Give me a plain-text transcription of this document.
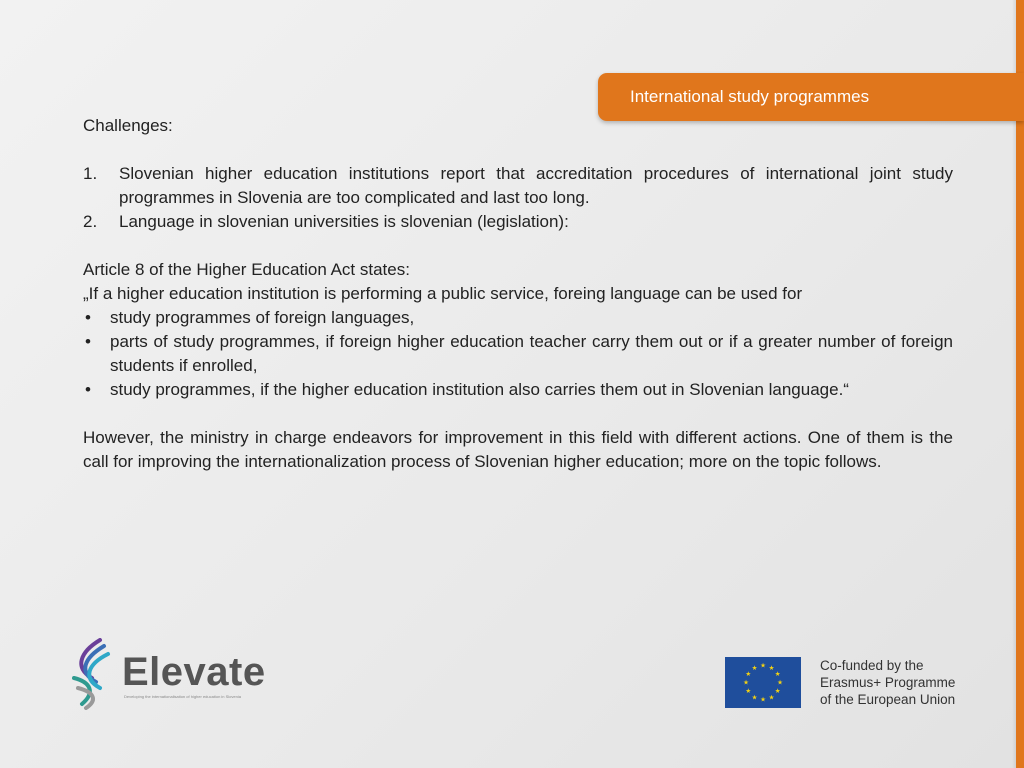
International study programmes

Challenges:

1. Slovenian higher education institutions report that accreditation procedures of international joint study programmes in Slovenia are too complicated and last too long.
2. Language in slovenian universities is slovenian (legislation):

Article 8 of the Higher Education Act states:

„If a higher education institution is performing a public service, foreing language can be used for

• study programmes of foreign languages,
• parts of study programmes, if foreign higher education teacher carry them out or if a greater number of foreign students if enrolled,
• study programmes, if the higher education institution also carries them out in Slovenian language.“

However, the ministry in charge endeavors for improvement in this field with different actions. One of them is the call for improving the internationalization process of Slovenian higher education; more on the topic follows.

Elevate
Developing the internationalisation of higher education in Slovenia
★ ★
★
★
★
★
★
★
★
★
★
★	Co-funded by the
Erasmus+ Programme
of the European Union
